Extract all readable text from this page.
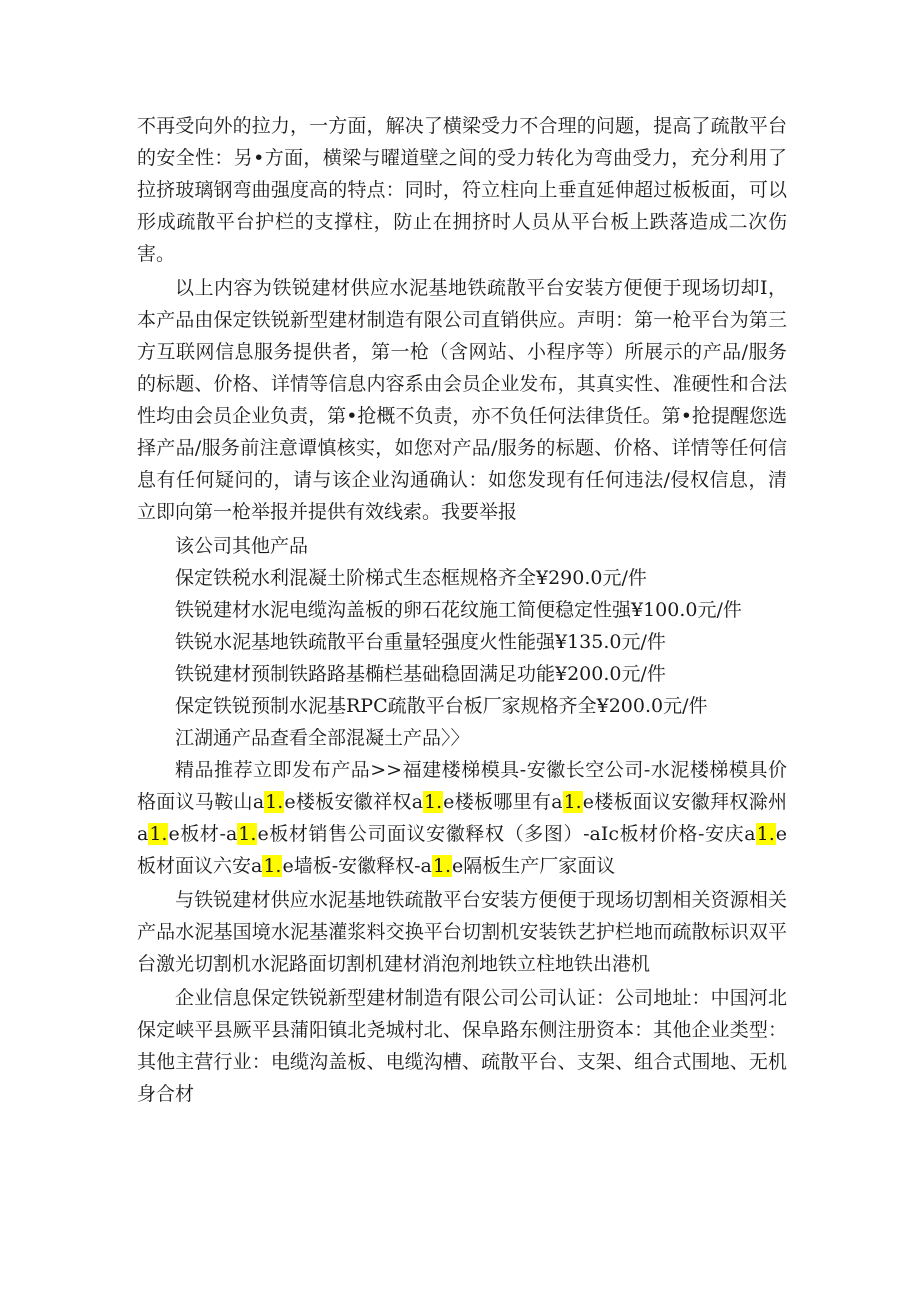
不再受向外的拉力，一方面，解决了横梁受力不合理的问题，提高了疏散平台的安全性：另•方面，横梁与曜道壁之间的受力转化为弯曲受力，充分利用了拉挤玻璃钢弯曲强度高的特点：同时，符立柱向上垂直延伸超过板板面，可以形成疏散平台护栏的支撑柱，防止在拥挤时人员从平台板上跌落造成二次伤害。

以上内容为铁锐建材供应水泥基地铁疏散平台安装方便便于现场切却I，本产品由保定铁锐新型建材制造有限公司直销供应。声明：第一枪平台为第三方互联网信息服务提供者，第一枪（含网站、小程序等）所展示的产品/服务的标题、价格、详情等信息内容系由会员企业发布，其真实性、准硬性和合法性均由会员企业负责，第•抢概不负责，亦不负任何法律货任。第•抢提醒您选择产品/服务前注意谭慎核实，如您对产品/服务的标题、价格、详情等任何信息有任何疑问的，请与该企业沟通确认：如您发现有任何违法/侵权信息，清立即向第一枪举报并提供有效线索。我要举报

该公司其他产品

保定铁税水利混凝土阶梯式生态框规格齐全¥290.0元/件

铁锐建材水泥电缆沟盖板的卵石花纹施工简便稳定性强¥100.0元/件

铁锐水泥基地铁疏散平台重量轻强度火性能强¥135.0元/件

铁锐建材预制铁路路基椭栏基础稳固满足功能¥200.0元/件

保定铁锐预制水泥基RPC疏散平台板厂家规格齐全¥200.0元/件

江湖通产品查看全部混凝土产品〉〉

精品推荐立即发布产品>>福建楼梯模具-安徽长空公司-水泥楼梯模具价格面议马鞍山a1.e楼板安徽祥权a1.e楼板哪里有a1.e楼板面议安徽拜权滁州a1.e板材-a1.e板材销售公司面议安徽释权（多图）-aIc板材价格-安庆a1.e板材面议六安a1.e墙板-安徽释权-a1.e隔板生产厂家面议

与铁锐建材供应水泥基地铁疏散平台安装方便便于现场切割相关资源相关产品水泥基国境水泥基灌浆料交换平台切割机安装铁艺护栏地而疏散标识双平台激光切割机水泥路面切割机建材消泡剂地铁立柱地铁出港机

企业信息保定铁锐新型建材制造有限公司公司认证：公司地址：中国河北保定峡平县厥平县蒲阳镇北尧城村北、保阜路东侧注册资本：其他企业类型：其他主营行业：电缆沟盖板、电缆沟槽、疏散平台、支架、组合式围地、无机身合材
